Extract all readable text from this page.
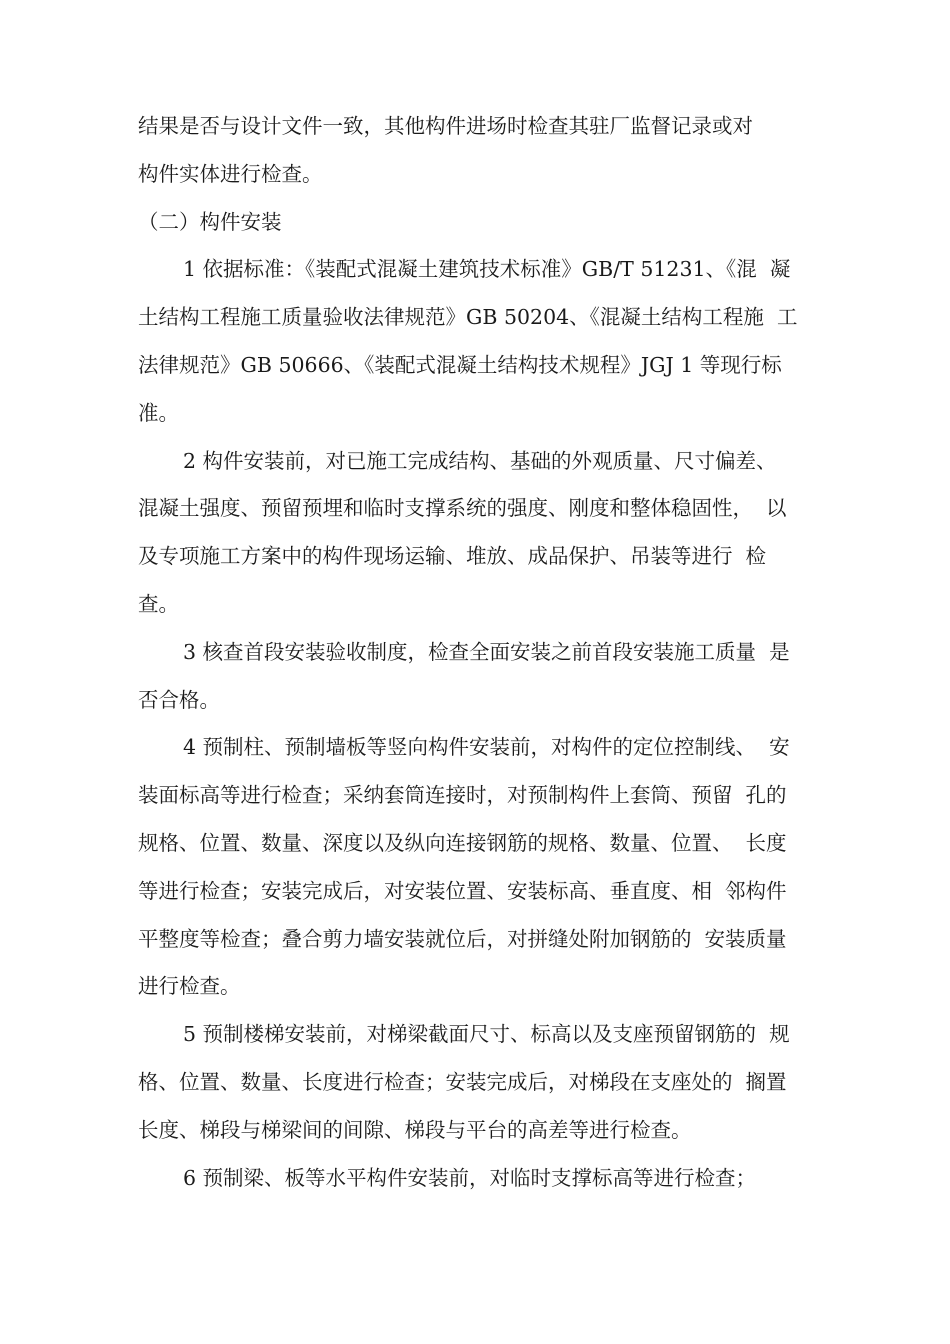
结果是否与设计文件一致，其他构件进场时检查其驻厂监督记录或对
构件实体进行检查。
（二）构件安装
1 依据标准：《装配式混凝土建筑技术标准》GB/T 51231、《混  凝
土结构工程施工质量验收法律规范》GB 50204、《混凝土结构工程施  工
法律规范》GB 50666、《装配式混凝土结构技术规程》JGJ 1 等现行标
准。
2 构件安装前，对已施工完成结构、基础的外观质量、尺寸偏差、
混凝土强度、预留预埋和临时支撑系统的强度、刚度和整体稳固性，  以
及专项施工方案中的构件现场运输、堆放、成品保护、吊装等进行  检
查。
3 核查首段安装验收制度，检查全面安装之前首段安装施工质量  是
否合格。
4 预制柱、预制墙板等竖向构件安装前，对构件的定位控制线、  安
装面标高等进行检查；采纳套筒连接时，对预制构件上套筒、预留  孔的
规格、位置、数量、深度以及纵向连接钢筋的规格、数量、位置、  长度
等进行检查；安装完成后，对安装位置、安装标高、垂直度、相  邻构件
平整度等检查；叠合剪力墙安装就位后，对拼缝处附加钢筋的  安装质量
进行检查。
5 预制楼梯安装前，对梯梁截面尺寸、标高以及支座预留钢筋的  规
格、位置、数量、长度进行检查；安装完成后，对梯段在支座处的  搁置
长度、梯段与梯梁间的间隙、梯段与平台的高差等进行检查。
6 预制梁、板等水平构件安装前，对临时支撑标高等进行检查；
